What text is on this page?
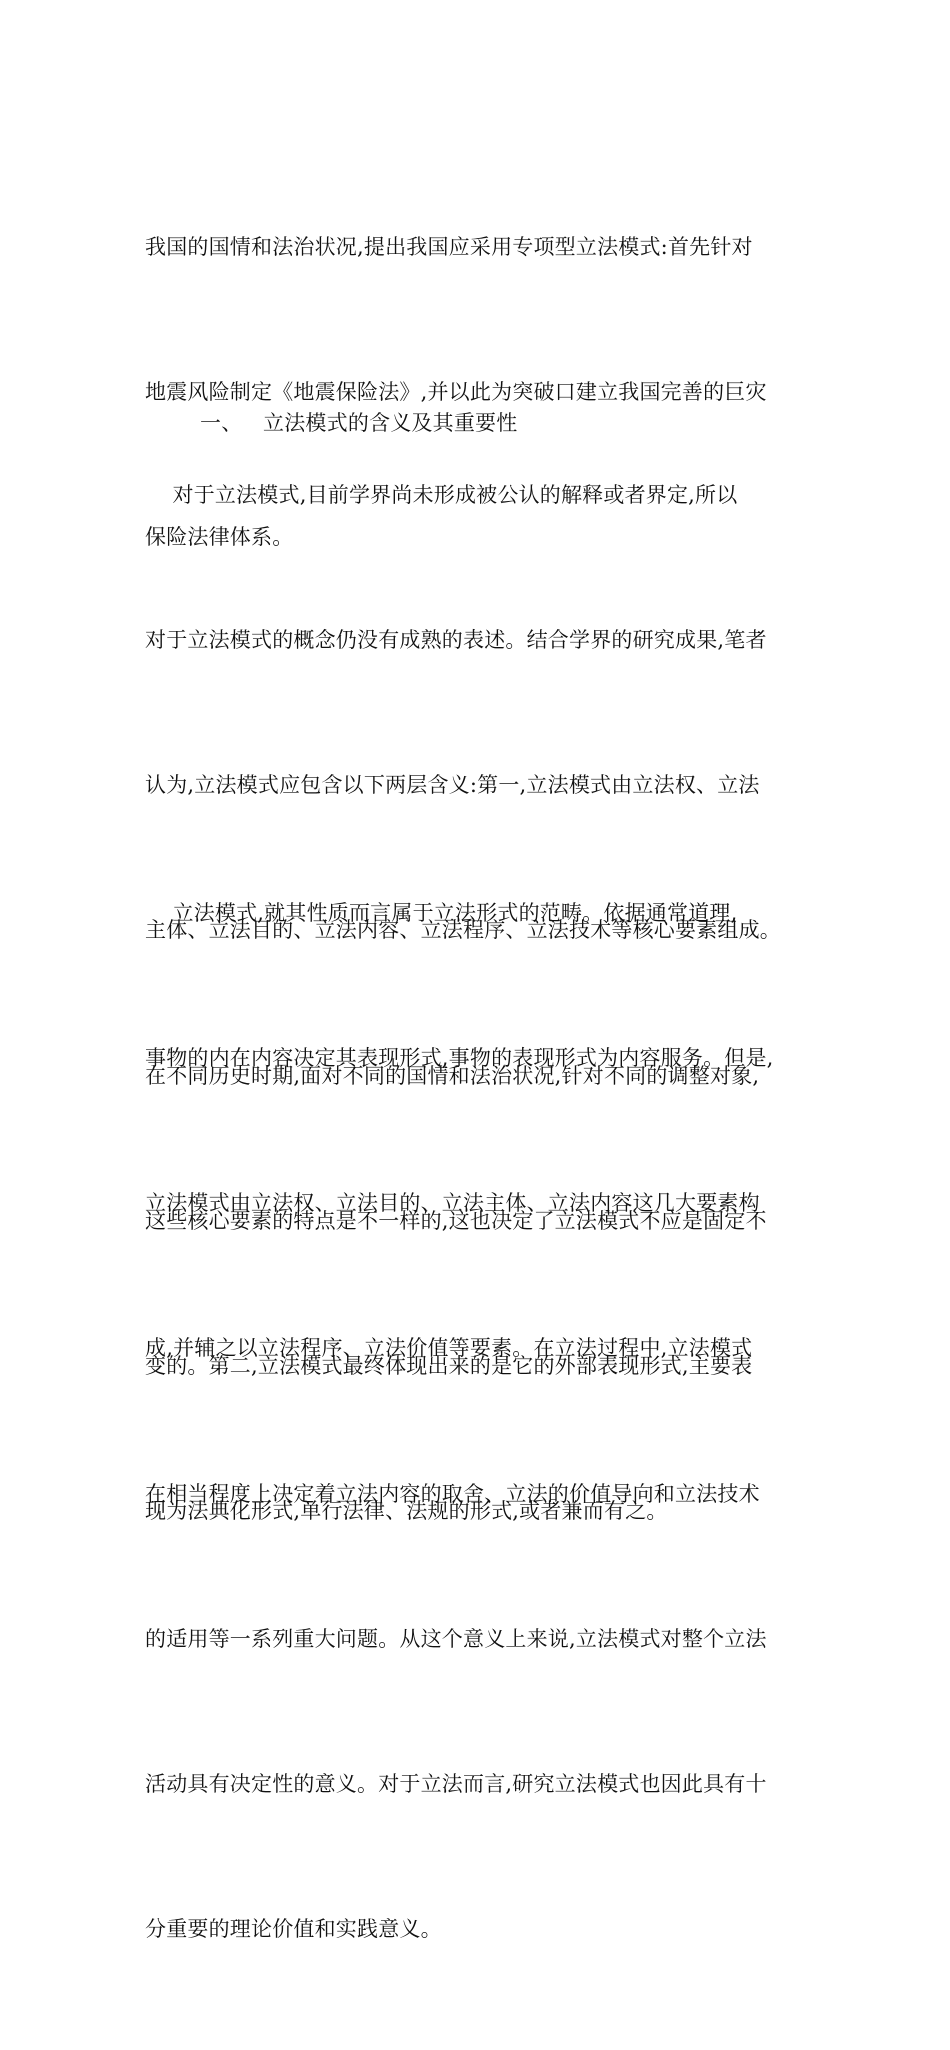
我国的国情和法治状况,提出我国应采用专项型立法模式:首先针对

地震风险制定《地震保险法》,并以此为突破口建立我国完善的巨灾

保险法律体系。

一、   立法模式的含义及其重要性

对于立法模式,目前学界尚未形成被公认的解释或者界定,所以

对于立法模式的概念仍没有成熟的表述。结合学界的研究成果,笔者

认为,立法模式应包含以下两层含义:第一,立法模式由立法权、立法

主体、立法目的、立法内容、立法程序、立法技术等核心要素组成。

在不同历史时期,面对不同的国情和法治状况,针对不同的调整对象,

这些核心要素的特点是不一样的,这也决定了立法模式不应是固定不

变的。第二,立法模式最终体现出来的是它的外部表现形式,主要表

现为法典化形式,单行法律、法规的形式,或者兼而有之。

立法模式,就其性质而言属于立法形式的范畴。依据通常道理,

事物的内在内容决定其表现形式,事物的表现形式为内容服务。但是,

立法模式由立法权、立法目的、立法主体、立法内容这几大要素构

成,并辅之以立法程序、立法价值等要素。在立法过程中,立法模式

在相当程度上决定着立法内容的取舍、立法的价值导向和立法技术

的适用等一系列重大问题。从这个意义上来说,立法模式对整个立法

活动具有决定性的意义。对于立法而言,研究立法模式也因此具有十

分重要的理论价值和实践意义。
